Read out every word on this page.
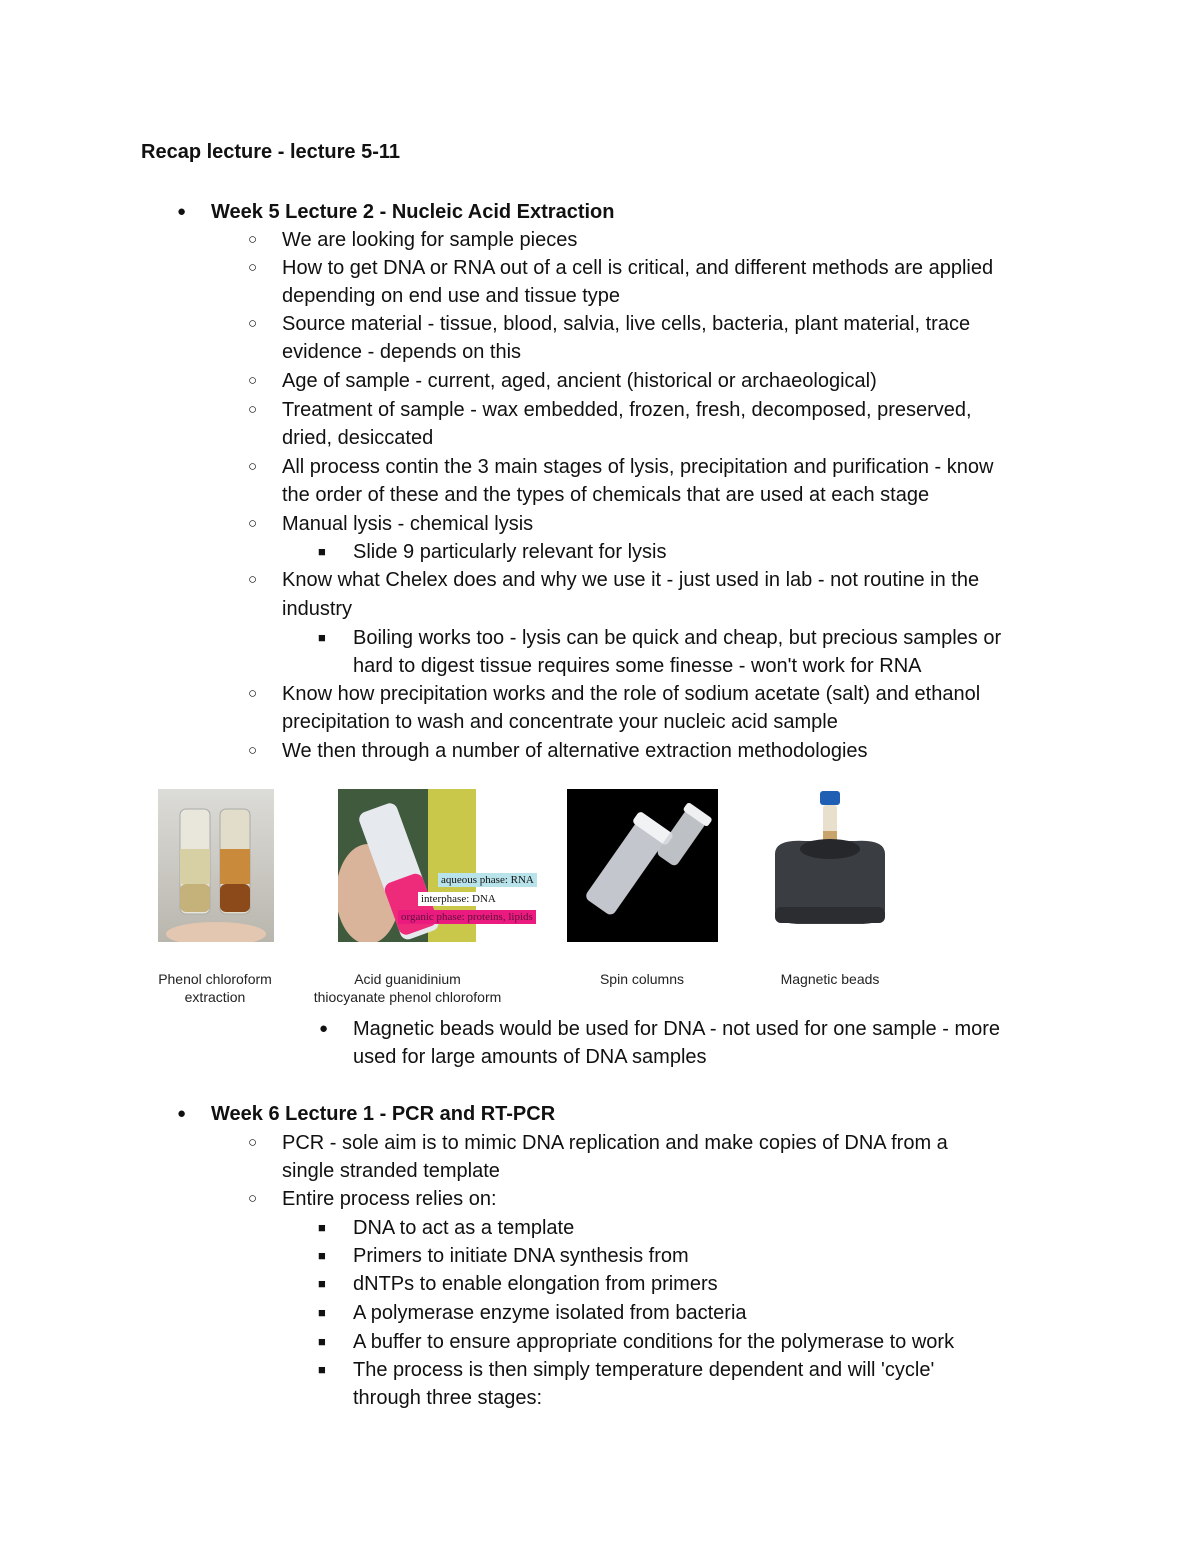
Recap lecture - lecture 5-11
● Week 5 Lecture 2 - Nucleic Acid Extraction
○ We are looking for sample pieces
○ How to get DNA or RNA out of a cell is critical, and different methods are applied
depending on end use and tissue type
○ Source material - tissue, blood, salvia, live cells, bacteria, plant material, trace
evidence - depends on this
○ Age of sample - current, aged, ancient (historical or archaeological)
○ Treatment of sample - wax embedded, frozen, fresh, decomposed, preserved,
dried, desiccated
○ All process contin the 3 main stages of lysis, precipitation and purification - know
the order of these and the types of chemicals that are used at each stage
○ Manual lysis - chemical lysis
■ Slide 9 particularly relevant for lysis
○ Know what Chelex does and why we use it - just used in lab - not routine in the
industry
■ Boiling works too - lysis can be quick and cheap, but precious samples or
hard to digest tissue requires some finesse - won't work for RNA
○ Know how precipitation works and the role of sodium acetate (salt) and ethanol
precipitation to wash and concentrate your nucleic acid sample
○ We then through a number of alternative extraction methodologies
aqueous phase: RNA
interphase: DNA
organic phase: proteins, lipids
Phenol chloroform
extraction
Acid guanidinium
thiocyanate phenol chloroform
Spin columns	Magnetic beads
● Magnetic beads would be used for DNA - not used for one sample - more
used for large amounts of DNA samples
● Week 6 Lecture 1 - PCR and RT-PCR
○ PCR - sole aim is to mimic DNA replication and make copies of DNA from a
single stranded template
○ Entire process relies on:
■ DNA to act as a template
■ Primers to initiate DNA synthesis from
■ dNTPs to enable elongation from primers
■ A polymerase enzyme isolated from bacteria
■ A buffer to ensure appropriate conditions for the polymerase to work
■ The process is then simply temperature dependent and will 'cycle'
through three stages:
